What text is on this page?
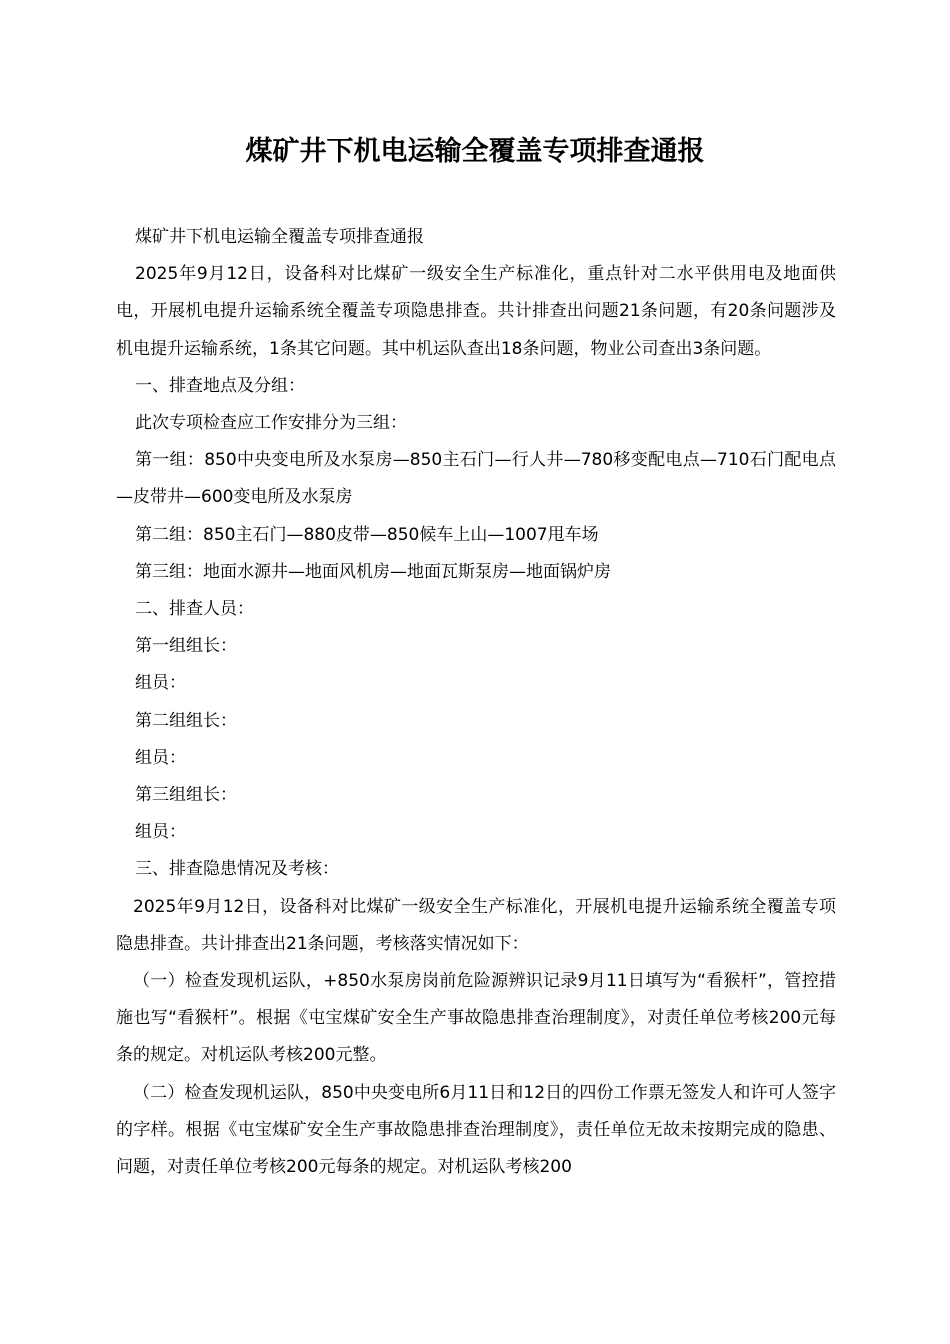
煤矿井下机电运输全覆盖专项排查通报

煤矿井下机电运输全覆盖专项排查通报

2025年9月12日，设备科对比煤矿一级安全生产标准化，重点针对二水平供用电及地面供电，开展机电提升运输系统全覆盖专项隐患排查。共计排查出问题21条问题，有20条问题涉及机电提升运输系统，1条其它问题。其中机运队查出18条问题，物业公司查出3条问题。

一、排查地点及分组：

此次专项检查应工作安排分为三组：

第一组：850中央变电所及水泵房—850主石门—行人井—780移变配电点—710石门配电点—皮带井—600变电所及水泵房

第二组：850主石门—880皮带—850候车上山—1007甩车场

第三组：地面水源井—地面风机房—地面瓦斯泵房—地面锅炉房

二、排查人员：

第一组组长：

组员：

第二组组长：

组员：

第三组组长：

组员：

三、排查隐患情况及考核：

2025年9月12日，设备科对比煤矿一级安全生产标准化，开展机电提升运输系统全覆盖专项隐患排查。共计排查出21条问题，考核落实情况如下：

（一）检查发现机运队，+850水泵房岗前危险源辨识记录9月11日填写为“看猴杆”，管控措施也写“看猴杆”。根据《屯宝煤矿安全生产事故隐患排查治理制度》，对责任单位考核200元每条的规定。对机运队考核200元整。

（二）检查发现机运队，850中央变电所6月11日和12日的四份工作票无签发人和许可人签字的字样。根据《屯宝煤矿安全生产事故隐患排查治理制度》，责任单位无故未按期完成的隐患、问题，对责任单位考核200元每条的规定。对机运队考核200
